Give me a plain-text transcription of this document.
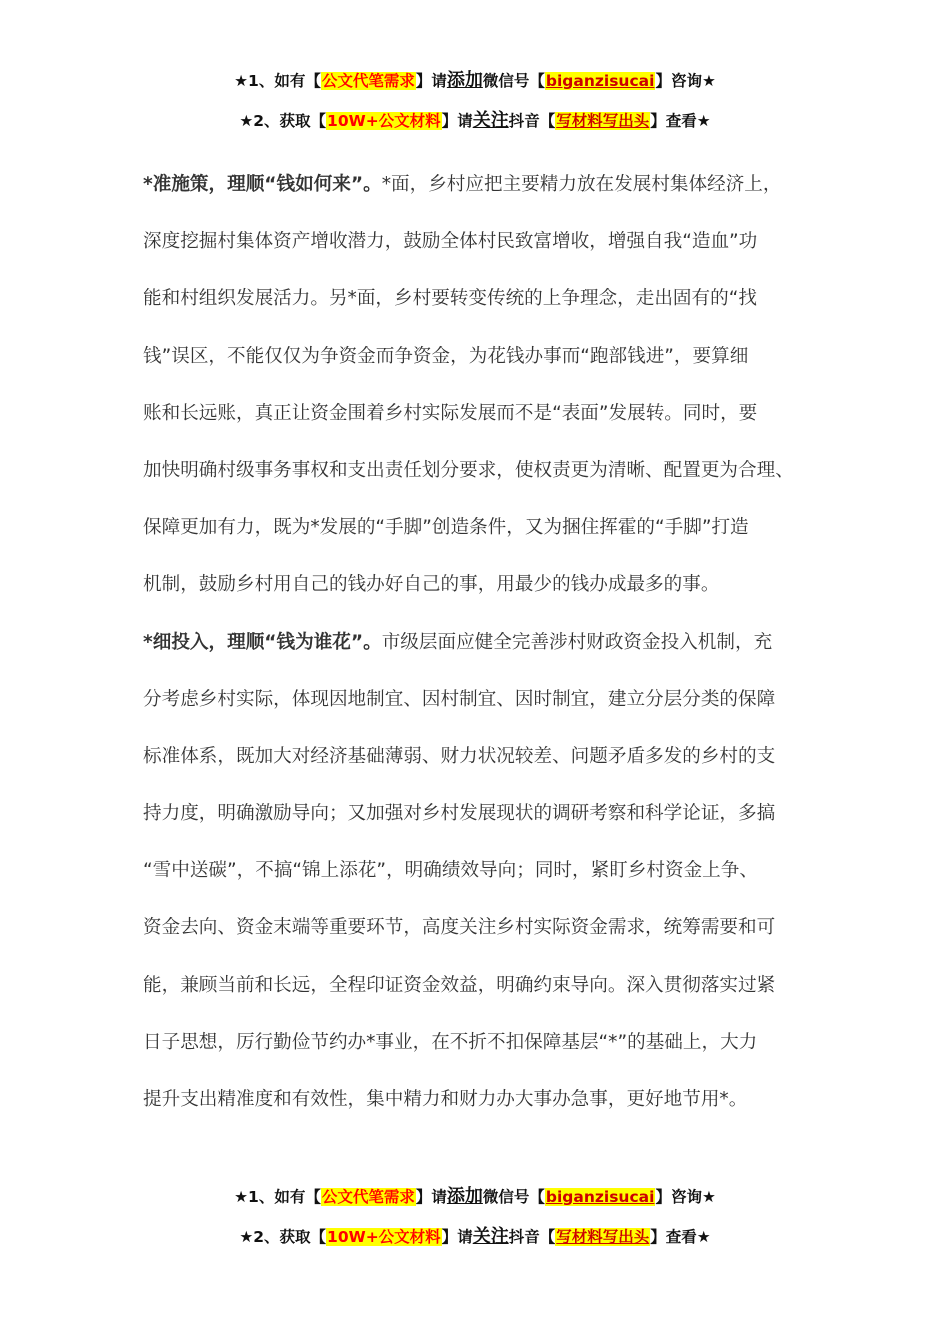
★1、如有【公文代笔需求】请添加微信号【biganzisucai】咨询★
★2、获取【10W+公文材料】请关注抖音【写材料写出头】查看★
*准施策，理顺“钱如何来”。*面，乡村应把主要精力放在发展村集体经济上，
深度挖掘村集体资产增收潜力，鼓励全体村民致富增收，增强自我“造血”功
能和村组织发展活力。另*面，乡村要转变传统的上争理念，走出固有的“找
钱”误区，不能仅仅为争资金而争资金，为花钱办事而“跑部钱进”，要算细
账和长远账，真正让资金围着乡村实际发展而不是“表面”发展转。同时，要
加快明确村级事务事权和支出责任划分要求，使权责更为清晰、配置更为合理、
保障更加有力，既为*发展的“手脚”创造条件，又为捆住挥霍的“手脚”打造
机制，鼓励乡村用自己的钱办好自己的事，用最少的钱办成最多的事。
*细投入，理顺“钱为谁花”。市级层面应健全完善涉村财政资金投入机制，充
分考虑乡村实际，体现因地制宜、因村制宜、因时制宜，建立分层分类的保障
标准体系，既加大对经济基础薄弱、财力状况较差、问题矛盾多发的乡村的支
持力度，明确激励导向；又加强对乡村发展现状的调研考察和科学论证，多搞
“雪中送碳”，不搞“锦上添花”，明确绩效导向；同时，紧盯乡村资金上争、
资金去向、资金末端等重要环节，高度关注乡村实际资金需求，统筹需要和可
能，兼顾当前和长远，全程印证资金效益，明确约束导向。深入贯彻落实过紧
日子思想，厉行勤俭节约办*事业，在不折不扣保障基层“*”的基础上，大力
提升支出精准度和有效性，集中精力和财力办大事办急事，更好地节用*。
★1、如有【公文代笔需求】请添加微信号【biganzisucai】咨询★
★2、获取【10W+公文材料】请关注抖音【写材料写出头】查看★
